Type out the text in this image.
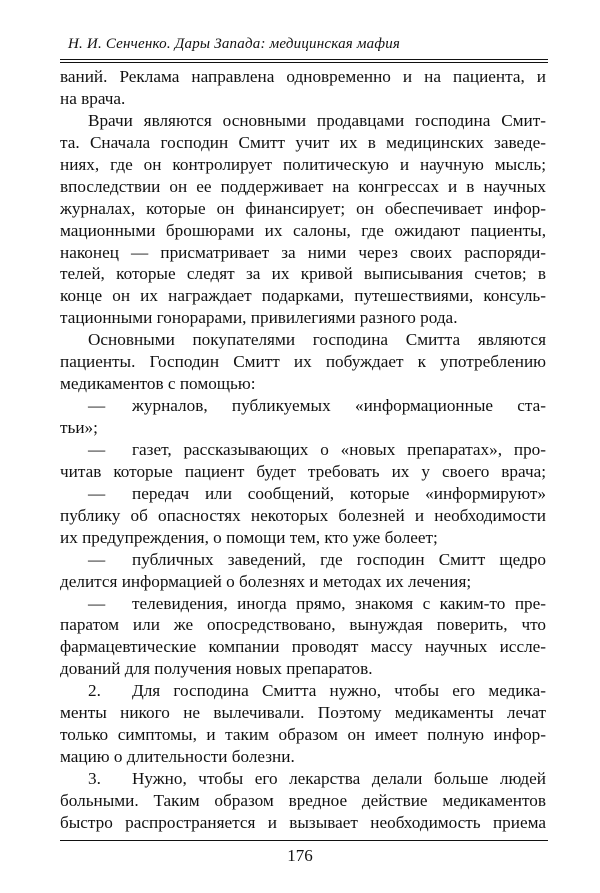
Н. И. Сенченко. Дары Запада: медицинская мафия
ваний. Реклама направлена одновременно и на пациента, и
на врача.
Врачи являются основными продавцами господина Смит-
та. Сначала господин Смитт учит их в медицинских заведе-
ниях, где он контролирует политическую и научную мысль;
впоследствии он ее поддерживает на конгрессах и в научных
журналах, которые он финансирует; он обеспечивает инфор-
мационными брошюрами их салоны, где ожидают пациенты,
наконец — присматривает за ними через своих распоряди-
телей, которые следят за их кривой выписывания счетов; в
конце он их награждает подарками, путешествиями, консуль-
тационными гонорарами, привилегиями разного рода.
Основными покупателями господина Смитта являются
пациенты. Господин Смитт их побуждает к употреблению
медикаментов с помощью:
—	журналов, публикуемых «информационные ста-
тьи»;
—	газет, рассказывающих о «новых препаратах», про-
читав которые пациент будет требовать их у своего врача;
—	передач или сообщений, которые «информируют»
публику об опасностях некоторых болезней и необходимости
их предупреждения, о помощи тем, кто уже болеет;
—	публичных заведений, где господин Смитт щедро
делится информацией о болезнях и методах их лечения;
—	телевидения, иногда прямо, знакомя с каким-то пре-
паратом или же опосредствовано, вынуждая поверить, что
фармацевтические компании проводят массу научных иссле-
дований для получения новых препаратов.
2.	Для господина Смитта нужно, чтобы его медика-
менты никого не вылечивали. Поэтому медикаменты лечат
только симптомы, и таким образом он имеет полную инфор-
мацию о длительности болезни.
3.	Нужно, чтобы его лекарства делали больше людей
больными. Таким образом вредное действие медикаментов
быстро распространяется и вызывает необходимость приема
176
